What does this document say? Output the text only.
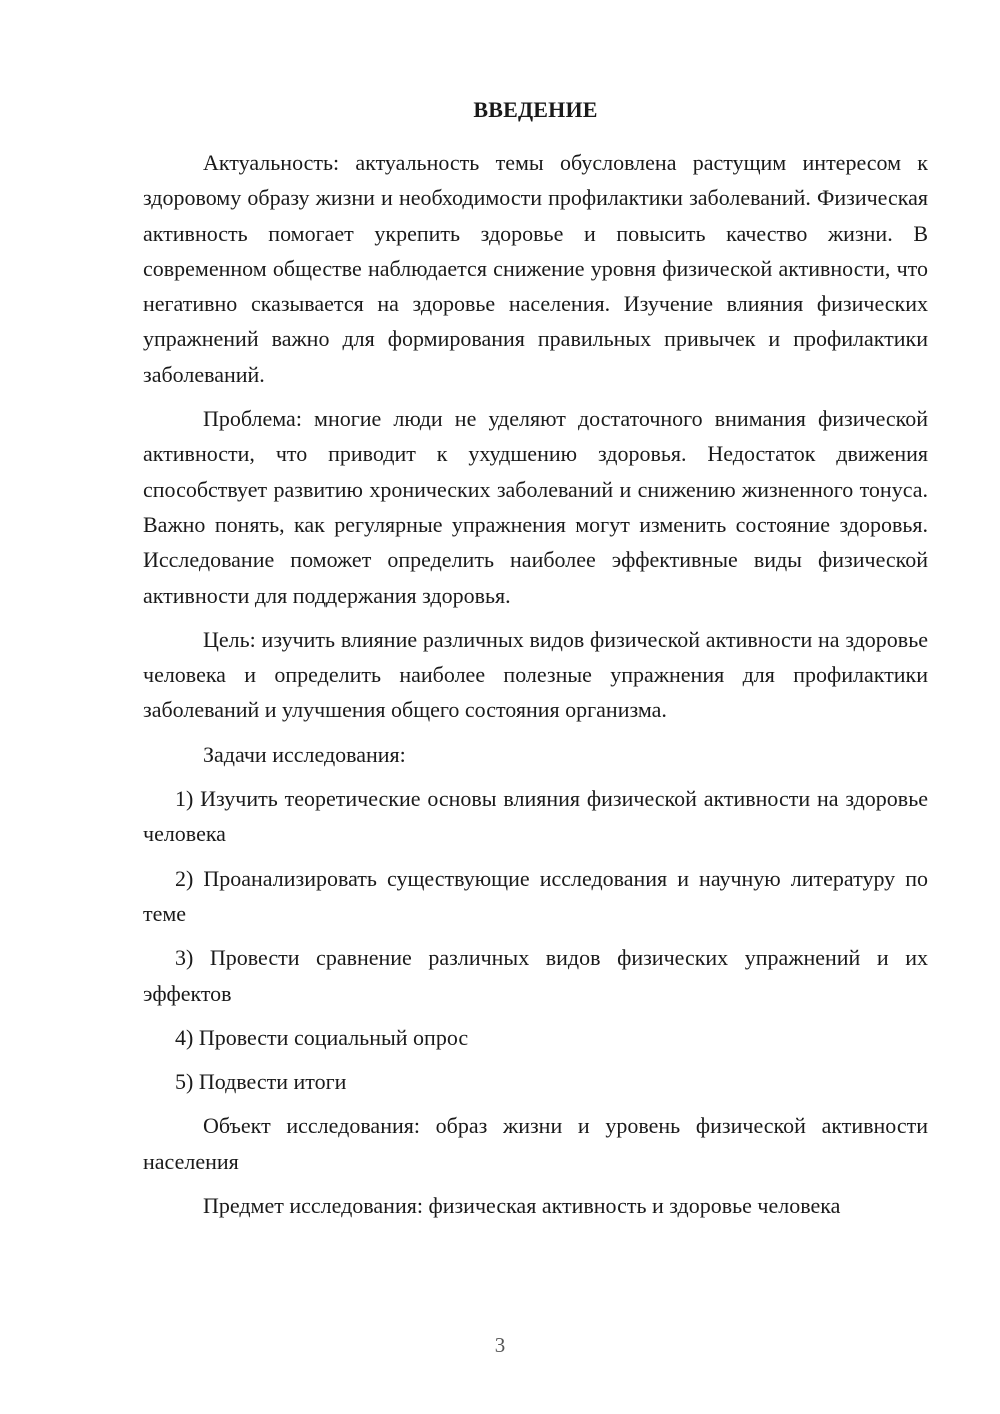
ВВЕДЕНИЕ

Актуальность: актуальность темы обусловлена растущим интересом к здоровому образу жизни и необходимости профилактики заболеваний. Физическая активность помогает укрепить здоровье и повысить качество жизни. В современном обществе наблюдается снижение уровня физической активности, что негативно сказывается на здоровье населения. Изучение влияния физических упражнений важно для формирования правильных привычек и профилактики заболеваний.

Проблема: многие люди не уделяют достаточного внимания физической активности, что приводит к ухудшению здоровья. Недостаток движения способствует развитию хронических заболеваний и снижению жизненного тонуса. Важно понять, как регулярные упражнения могут изменить состояние здоровья. Исследование поможет определить наиболее эффективные виды физической активности для поддержания здоровья.

Цель: изучить влияние различных видов физической активности на здоровье человека и определить наиболее полезные упражнения для профилактики заболеваний и улучшения общего состояния организма.

Задачи исследования:

1) Изучить теоретические основы влияния физической активности на здоровье человека

2) Проанализировать существующие исследования и научную литературу по теме

3) Провести сравнение различных видов физических упражнений и их эффектов

4) Провести социальный опрос

5) Подвести итоги

Объект исследования: образ жизни и уровень физической активности населения

Предмет исследования: физическая активность и здоровье человека

3
